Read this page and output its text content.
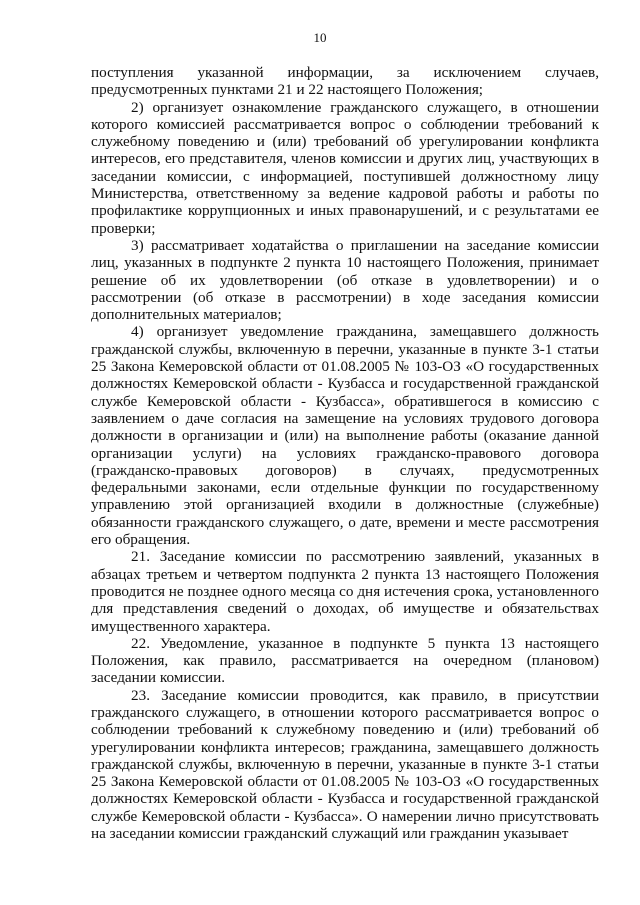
10

поступления указанной информации, за исключением случаев, предусмотренных пунктами 21 и 22 настоящего Положения;

2) организует ознакомление гражданского служащего, в отношении которого комиссией рассматривается вопрос о соблюдении требований к служебному поведению и (или) требований об урегулировании конфликта интересов, его представителя, членов комиссии и других лиц, участвующих в заседании комиссии, с информацией, поступившей должностному лицу Министерства, ответственному за ведение кадровой работы и работы по профилактике коррупционных и иных правонарушений, и с результатами ее проверки;

3) рассматривает ходатайства о приглашении на заседание комиссии лиц, указанных в подпункте 2 пункта 10 настоящего Положения, принимает решение об их удовлетворении (об отказе в удовлетворении) и о рассмотрении (об отказе в рассмотрении) в ходе заседания комиссии дополнительных материалов;

4) организует уведомление гражданина, замещавшего должность гражданской службы, включенную в перечни, указанные в пункте 3-1 статьи 25 Закона Кемеровской области от 01.08.2005 № 103-ОЗ «О государственных должностях Кемеровской области - Кузбасса и государственной гражданской службе Кемеровской области - Кузбасса», обратившегося в комиссию с заявлением о даче согласия на замещение на условиях трудового договора должности в организации и (или) на выполнение работы (оказание данной организации услуги) на условиях гражданско-правового договора (гражданско-правовых договоров) в случаях, предусмотренных федеральными законами, если отдельные функции по государственному управлению этой организацией входили в должностные (служебные) обязанности гражданского служащего, о дате, времени и месте рассмотрения его обращения.

21. Заседание комиссии по рассмотрению заявлений, указанных в абзацах третьем и четвертом подпункта 2 пункта 13 настоящего Положения проводится не позднее одного месяца со дня истечения срока, установленного для представления сведений о доходах, об имуществе и обязательствах имущественного характера.

22. Уведомление, указанное в подпункте 5 пункта 13 настоящего Положения, как правило, рассматривается на очередном (плановом) заседании комиссии.

23. Заседание комиссии проводится, как правило, в присутствии гражданского служащего, в отношении которого рассматривается вопрос о соблюдении требований к служебному поведению и (или) требований об урегулировании конфликта интересов; гражданина, замещавшего должность гражданской службы, включенную в перечни, указанные в пункте 3-1 статьи 25 Закона Кемеровской области от 01.08.2005 № 103-ОЗ «О государственных должностях Кемеровской области - Кузбасса и государственной гражданской службе Кемеровской области - Кузбасса». О намерении лично присутствовать на заседании комиссии гражданский служащий или гражданин указывает
